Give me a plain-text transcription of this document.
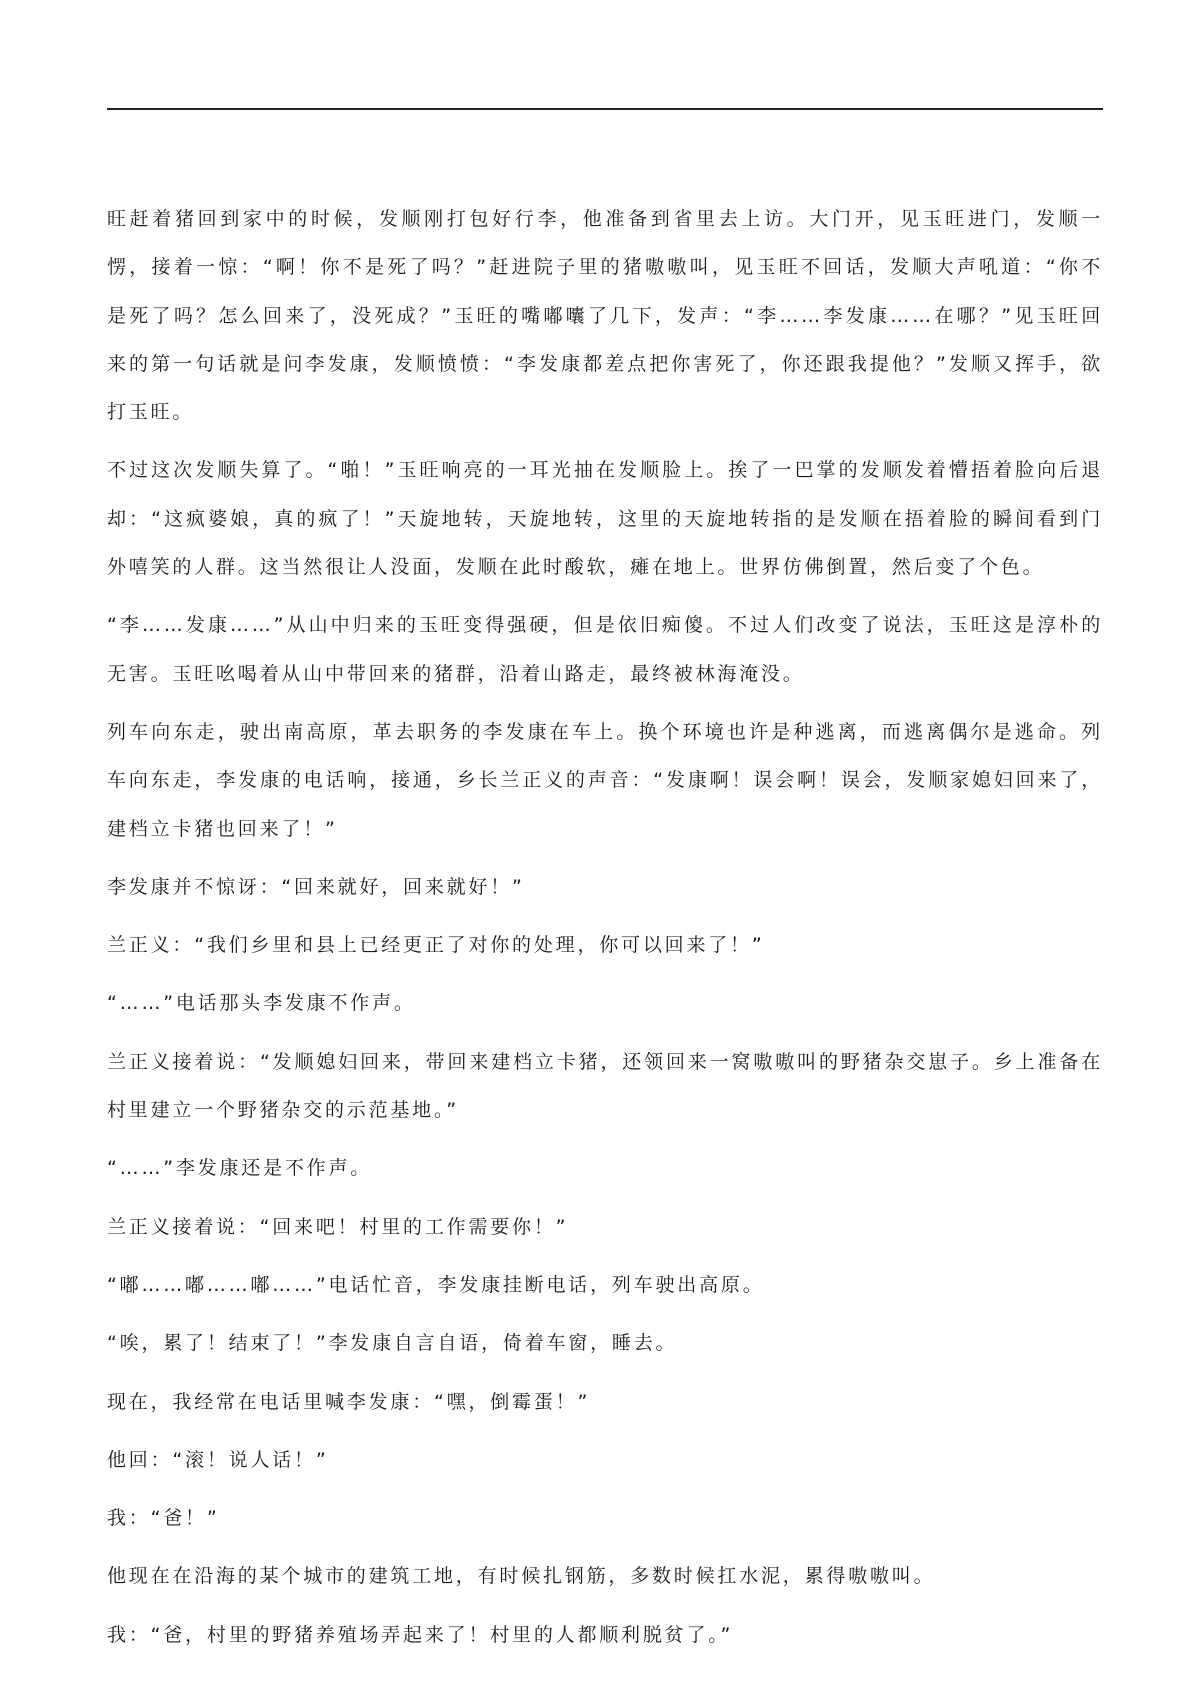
旺赶着猪回到家中的时候，发顺刚打包好行李，他准备到省里去上访。大门开，见玉旺进门，发顺一愣，接着一惊：“啊！你不是死了吗？”赶进院子里的猪嗷嗷叫，见玉旺不回话，发顺大声吼道：“你不是死了吗？怎么回来了，没死成？”玉旺的嘴嘟囔了几下，发声：“李……李发康……在哪？”见玉旺回来的第一句话就是问李发康，发顺愤愤：“李发康都差点把你害死了，你还跟我提他？”发顺又挥手，欲打玉旺。

不过这次发顺失算了。“啪！”玉旺响亮的一耳光抽在发顺脸上。挨了一巴掌的发顺发着懵捂着脸向后退却：“这疯婆娘，真的疯了！”天旋地转，天旋地转，这里的天旋地转指的是发顺在捂着脸的瞬间看到门外嘻笑的人群。这当然很让人没面，发顺在此时酸软，瘫在地上。世界仿佛倒置，然后变了个色。

“李……发康……”从山中归来的玉旺变得强硬，但是依旧痴傻。不过人们改变了说法，玉旺这是淳朴的无害。玉旺吆喝着从山中带回来的猪群，沿着山路走，最终被林海淹没。

列车向东走，驶出南高原，革去职务的李发康在车上。换个环境也许是种逃离，而逃离偶尔是逃命。列车向东走，李发康的电话响，接通，乡长兰正义的声音：“发康啊！误会啊！误会，发顺家媳妇回来了，建档立卡猪也回来了！”

李发康并不惊讶：“回来就好，回来就好！”

兰正义：“我们乡里和县上已经更正了对你的处理，你可以回来了！”

“……”电话那头李发康不作声。

兰正义接着说：“发顺媳妇回来，带回来建档立卡猪，还领回来一窝嗷嗷叫的野猪杂交崽子。乡上准备在村里建立一个野猪杂交的示范基地。”

“……”李发康还是不作声。

兰正义接着说：“回来吧！村里的工作需要你！”

“嘟……嘟……嘟……”电话忙音，李发康挂断电话，列车驶出高原。

“唉，累了！结束了！”李发康自言自语，倚着车窗，睡去。

现在，我经常在电话里喊李发康：“嘿，倒霉蛋！”

他回：“滚！说人话！”

我：“爸！”

他现在在沿海的某个城市的建筑工地，有时候扎钢筋，多数时候扛水泥，累得嗷嗷叫。

我：“爸，村里的野猪养殖场弄起来了！村里的人都顺利脱贫了。”
